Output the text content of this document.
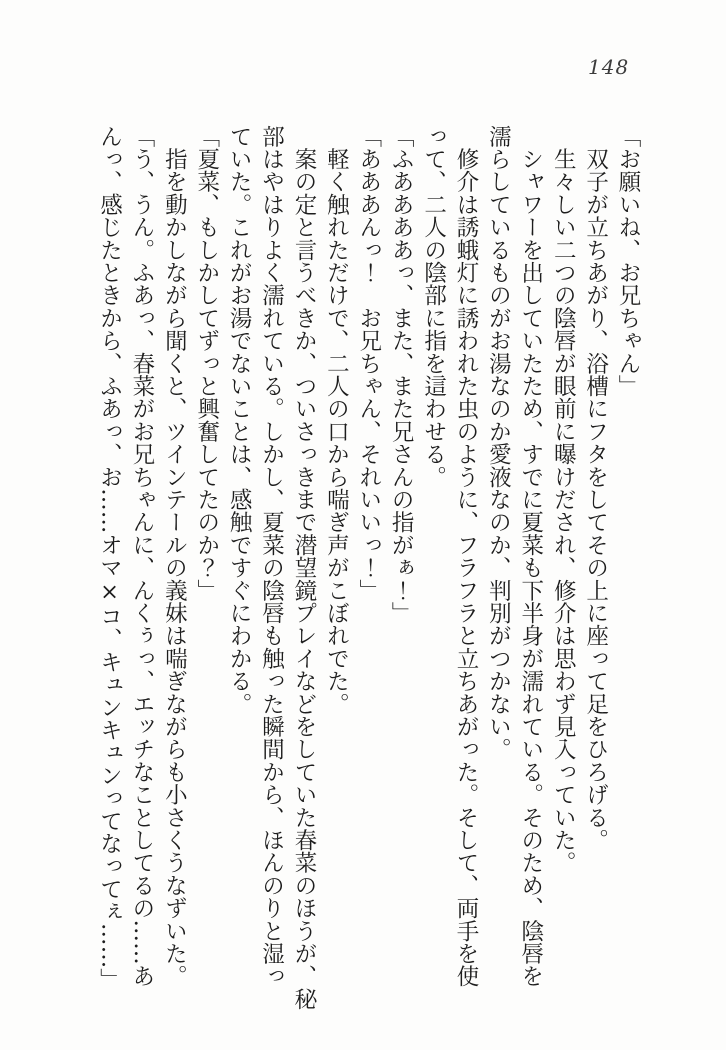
148

「お願いね、お兄ちゃん」

　双子が立ちあがり、浴槽にフタをしてその上に座って足をひろげる。

　生々しい二つの陰唇が眼前に曝けだされ、修介は思わず見入っていた。

　シャワーを出していたため、すでに夏菜も下半身が濡れている。そのため、陰唇を

濡らしているものがお湯なのか愛液なのか、判別がつかない。

　修介は誘蛾灯に誘われた虫のように、フラフラと立ちあがった。そして、両手を使

って、二人の陰部に指を這わせる。

「ふああああっ、また、また兄さんの指がぁ！」

「あああんっ！　お兄ちゃん、それいいっ！」

　軽く触れただけで、二人の口から喘ぎ声がこぼれでた。

　案の定と言うべきか、ついさっきまで潜望鏡プレイなどをしていた春菜のほうが、秘

部はやはりよく濡れている。しかし、夏菜の陰唇も触った瞬間から、ほんのりと湿っ

ていた。これがお湯でないことは、感触ですぐにわかる。

「夏菜、もしかしてずっと興奮してたのか？」

　指を動かしながら聞くと、ツインテールの義妹は喘ぎながらも小さくうなずいた。

「う、うん。ふあっ、春菜がお兄ちゃんに、んくぅっ、エッチなことしてるの……あ

んっ、感じたときから、ふあっ、お……オマ×コ、キュンキュンってなってぇ……」
